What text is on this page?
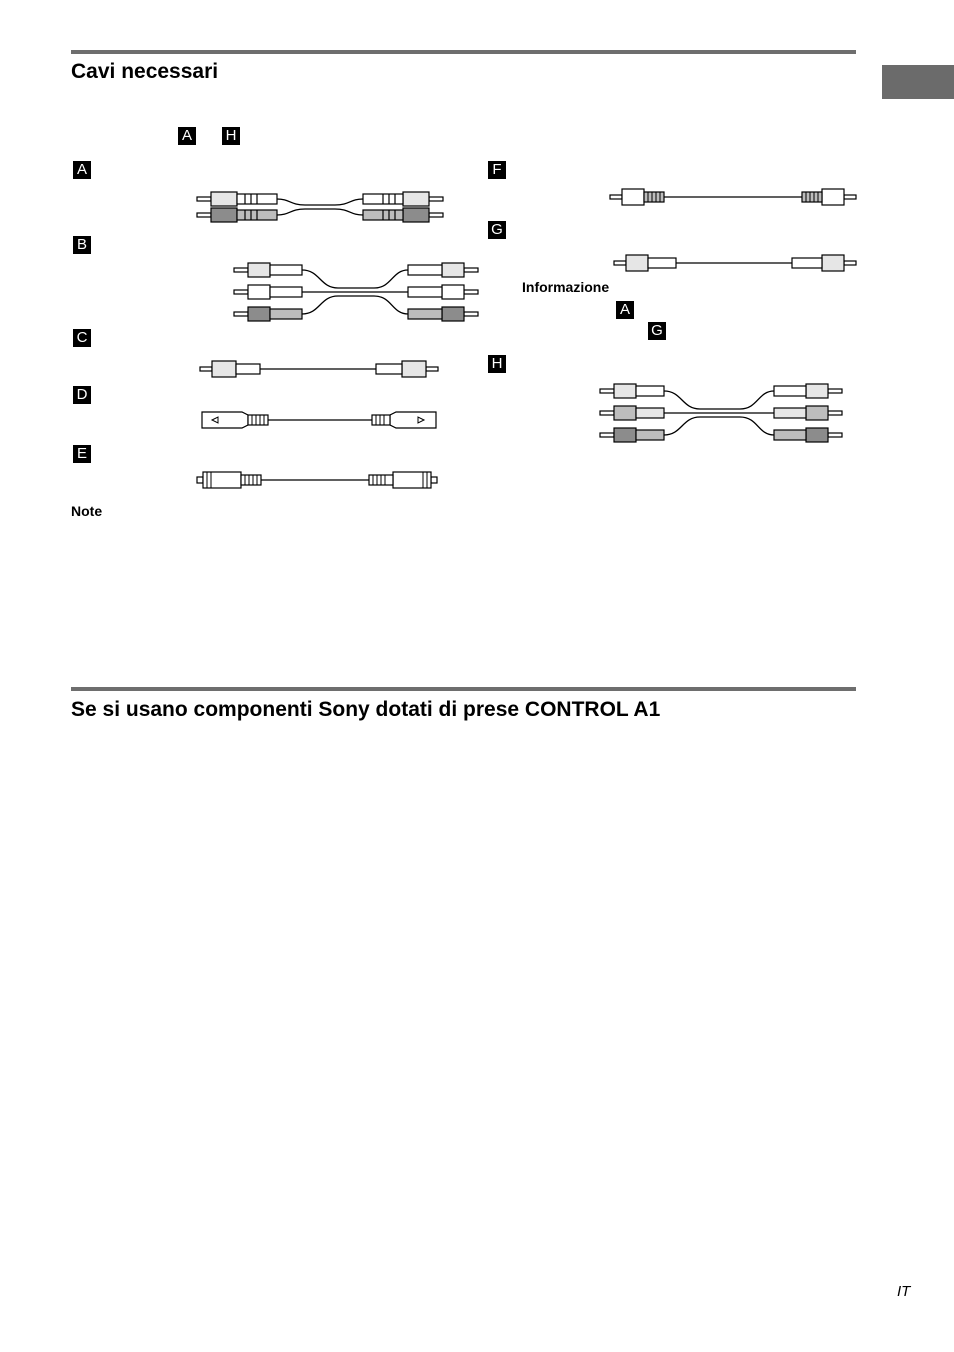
Cavi necessari
A H
A
B
C
D
E
F
G
H
Informazione
A
G
Note
Se si usano componenti Sony dotati di prese CONTROL A1
IT
